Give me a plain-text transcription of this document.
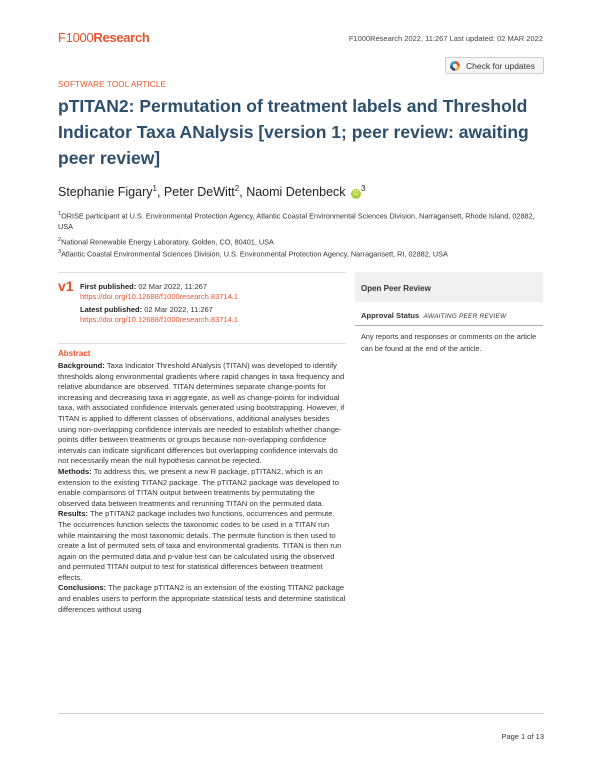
F1000Research	F1000Research 2022, 11:267 Last updated: 02 MAR 2022
Check for updates
SOFTWARE TOOL ARTICLE
pTITAN2: Permutation of treatment labels and Threshold Indicator Taxa ANalysis [version 1; peer review: awaiting peer review]
Stephanie Figary$^1$, Peter DeWitt$^2$, Naomi Detenbeck $iD^3$
$^1$ORISE participant at U.S. Environmental Protection Agency, Atlantic Coastal Environmental Sciences Division, Narragansett, Rhode Island, 02882, USA
$^2$National Renewable Energy Laboratory, Golden, CO, 80401, USA
$^3$Atlantic Coastal Environmental Sciences Division, U.S. Environmental Protection Agency, Narragansett, RI, 02882, USA
v1 First published: 02 Mar 2022, 11:267
https://doi.org/10.12688/f1000research.83714.1
Latest published: 02 Mar 2022, 11:267
https://doi.org/10.12688/f1000research.83714.1
Abstract

Background: Taxa Indicator Threshold ANalysis (TITAN) was developed to identify thresholds along environmental gradients where rapid changes in taxa frequency and relative abundance are observed. TITAN determines separate change-points for increasing and decreasing taxa in aggregate, as well as change-points for individual taxa, with associated confidence intervals generated using bootstrapping. However, if TITAN is applied to different classes of observations, additional analyses besides using non-overlapping confidence intervals are needed to establish whether change-points differ between treatments or groups because non-overlapping confidence intervals can indicate significant differences but overlapping confidence intervals do not necessarily mean the null hypothesis cannot be rejected.

Methods: To address this, we present a new R package, pTITAN2, which is an extension to the existing TITAN2 package. The pTITAN2 package was developed to enable comparisons of TITAN output between treatments by permutating the observed data between treatments and rerunning TITAN on the permuted data.

Results: The pTITAN2 package includes two functions, occurrences and permute. The occurrences function selects the taxonomic codes to be used in a TITAN run while maintaining the most taxonomic details. The permute function is then used to create a list of permuted sets of taxa and environmental gradients. TITAN is then run again on the permuted data and p-value test can be calculated using the observed and permuted TITAN output to test for statistical differences between treatment effects.

Conclusions: The package pTITAN2 is an extension of the existing TITAN2 package and enables users to perform the appropriate statistical tests and determine statistical differences without using

Open Peer Review
Approval Status AWAITING PEER REVIEW
Any reports and responses or comments on the article can be found at the end of the article.
Page 1 of 13
